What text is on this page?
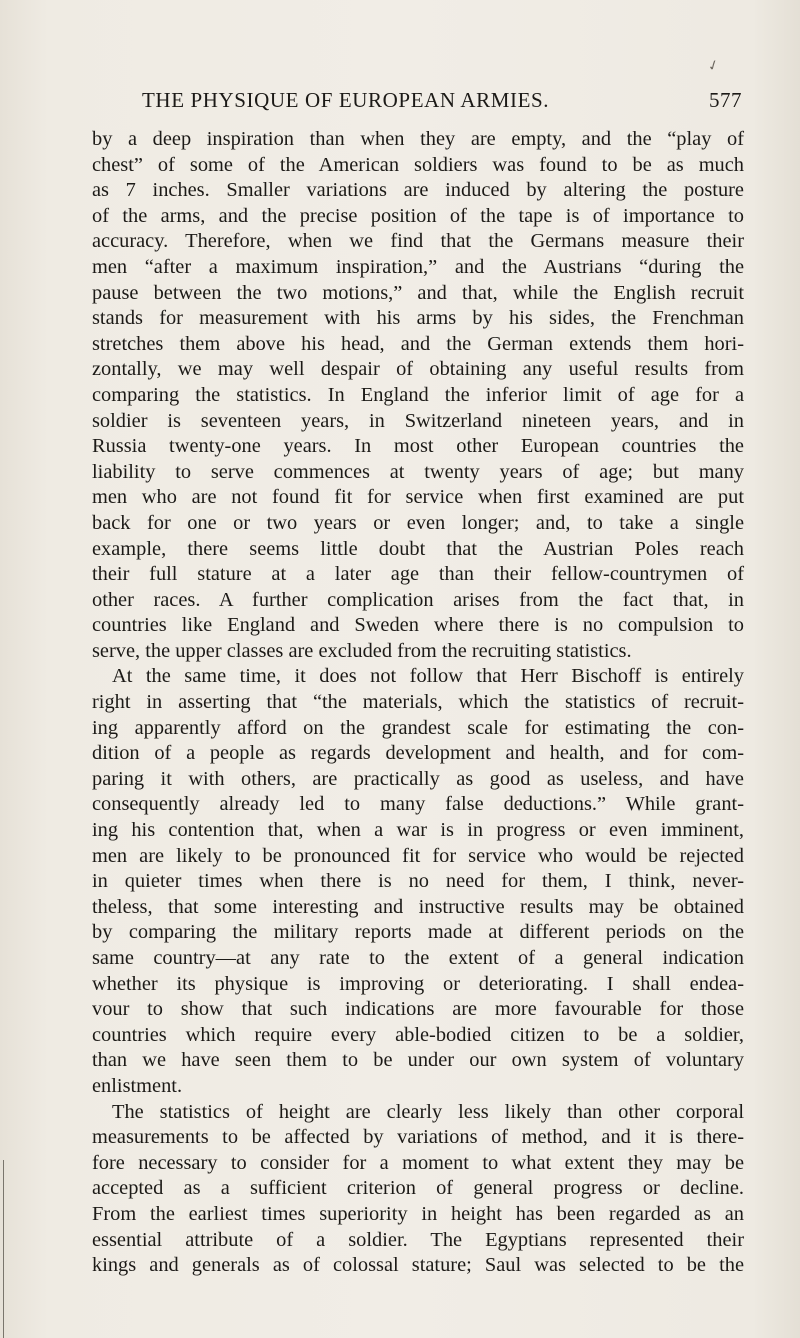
THE PHYSIQUE OF EUROPEAN ARMIES.	577
✓
by a deep inspiration than when they are empty, and the “play of
chest” of some of the American soldiers was found to be as much
as 7 inches. Smaller variations are induced by altering the posture
of the arms, and the precise position of the tape is of importance to
accuracy. Therefore, when we find that the Germans measure their
men “after a maximum inspiration,” and the Austrians “during the
pause between the two motions,” and that, while the English recruit
stands for measurement with his arms by his sides, the Frenchman
stretches them above his head, and the German extends them hori-
zontally, we may well despair of obtaining any useful results from
comparing the statistics. In England the inferior limit of age for a
soldier is seventeen years, in Switzerland nineteen years, and in
Russia twenty-one years. In most other European countries the
liability to serve commences at twenty years of age; but many
men who are not found fit for service when first examined are put
back for one or two years or even longer; and, to take a single
example, there seems little doubt that the Austrian Poles reach
their full stature at a later age than their fellow-countrymen of
other races. A further complication arises from the fact that, in
countries like England and Sweden where there is no compulsion to
serve, the upper classes are excluded from the recruiting statistics.
At the same time, it does not follow that Herr Bischoff is entirely
right in asserting that “the materials, which the statistics of recruit-
ing apparently afford on the grandest scale for estimating the con-
dition of a people as regards development and health, and for com-
paring it with others, are practically as good as useless, and have
consequently already led to many false deductions.” While grant-
ing his contention that, when a war is in progress or even imminent,
men are likely to be pronounced fit for service who would be rejected
in quieter times when there is no need for them, I think, never-
theless, that some interesting and instructive results may be obtained
by comparing the military reports made at different periods on the
same country—at any rate to the extent of a general indication
whether its physique is improving or deteriorating. I shall endea-
vour to show that such indications are more favourable for those
countries which require every able-bodied citizen to be a soldier,
than we have seen them to be under our own system of voluntary
enlistment.
The statistics of height are clearly less likely than other corporal
measurements to be affected by variations of method, and it is there-
fore necessary to consider for a moment to what extent they may be
accepted as a sufficient criterion of general progress or decline.
From the earliest times superiority in height has been regarded as an
essential attribute of a soldier. The Egyptians represented their
kings and generals as of colossal stature; Saul was selected to be the
